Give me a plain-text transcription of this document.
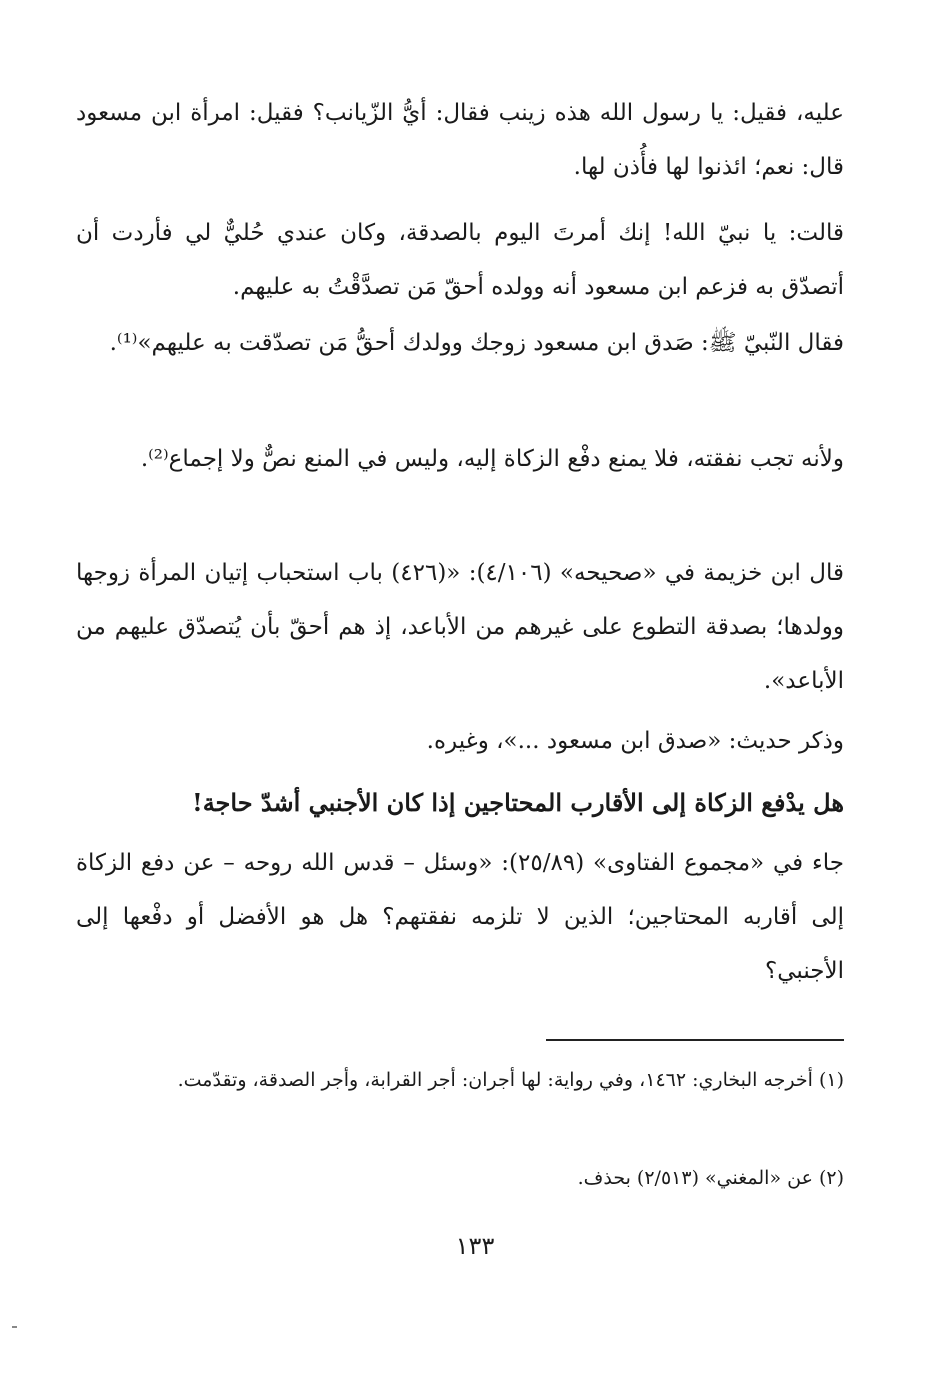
عليه، فقيل: يا رسول الله هذه زينب فقال: أيُّ الزّيانب؟ فقيل: امرأة ابن مسعود قال: نعم؛ ائذنوا لها فأُذن لها.

قالت: يا نبيّ الله! إنك أمرتَ اليوم بالصدقة، وكان عندي حُليٌّ لي فأردت أن أتصدّق به فزعم ابن مسعود أنه وولده أحقّ مَن تصدَّقْتُ به عليهم.

فقال النّبيّ ﷺ: صَدق ابن مسعود زوجك وولدك أحقُّ مَن تصدّقت به عليهم»⁽¹⁾.

ولأنه تجب نفقته، فلا يمنع دفْع الزكاة إليه، وليس في المنع نصٌّ ولا إجماع⁽²⁾.

قال ابن خزيمة في «صحيحه» (٤/١٠٦): «(٤٢٦) باب استحباب إتيان المرأة زوجها وولدها؛ بصدقة التطوع على غيرهم من الأباعد، إذ هم أحقّ بأن يُتصدّق عليهم من الأباعد».

وذكر حديث: «صدق ابن مسعود ...»، وغيره.

هل يدْفع الزكاة إلى الأقارب المحتاجين إذا كان الأجنبي أشدّ حاجة!

جاء في «مجموع الفتاوى» (٢٥/٨٩): «وسئل – قدس الله روحه – عن دفع الزكاة إلى أقاربه المحتاجين؛ الذين لا تلزمه نفقتهم؟ هل هو الأفضل أو دفْعها إلى الأجنبي؟

(١) أخرجه البخاري: ١٤٦٢، وفي رواية: لها أجران: أجر القرابة، وأجر الصدقة، وتقدّمت.

(٢) عن «المغني» (٢/٥١٣) بحذف.

١٣٣
